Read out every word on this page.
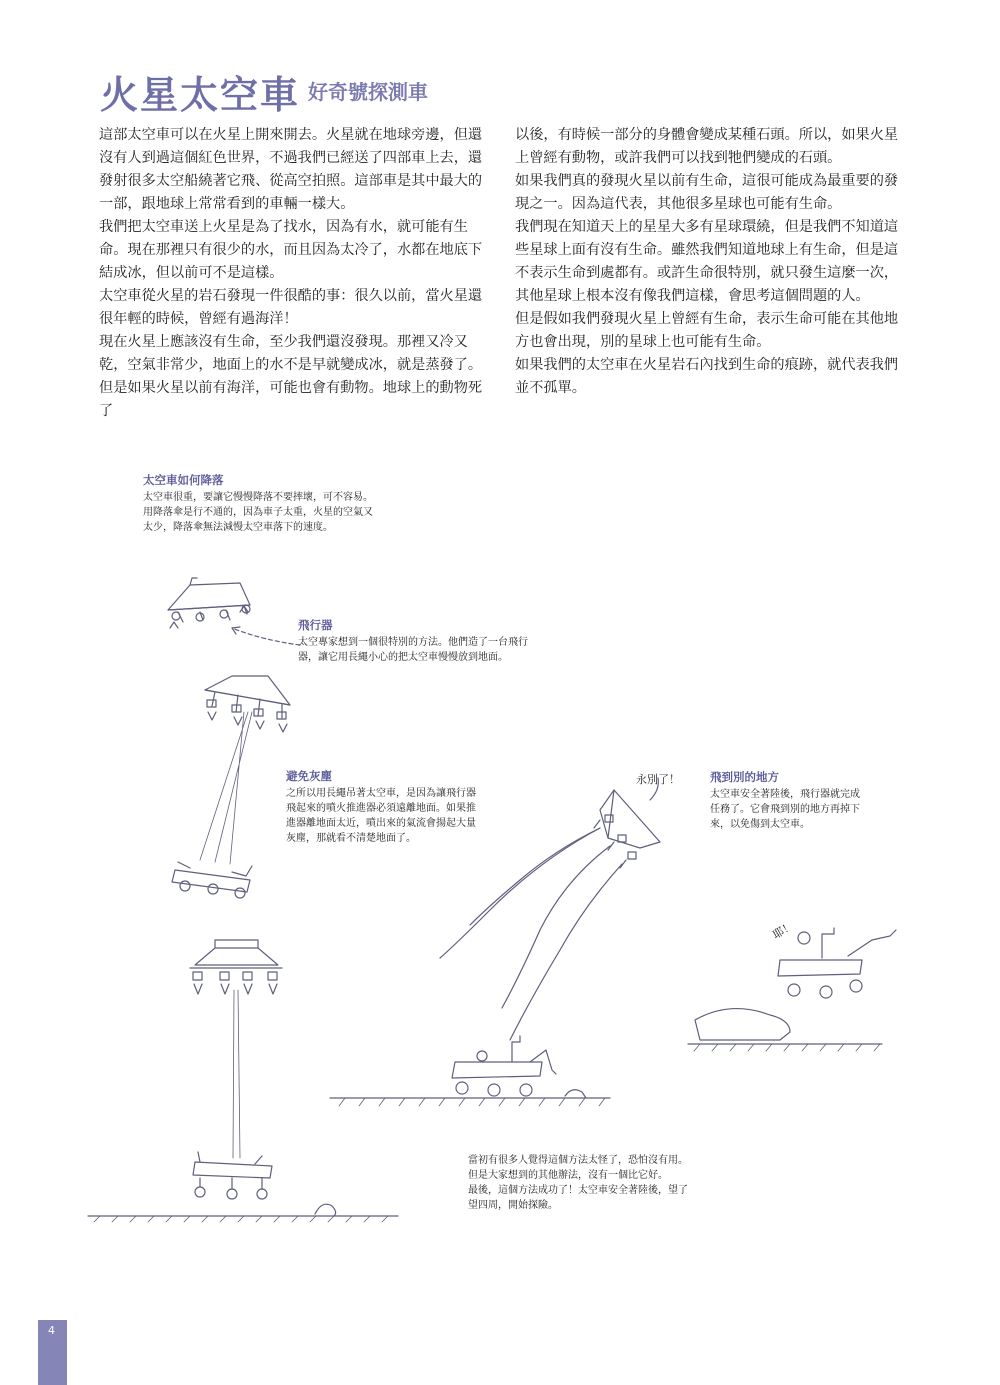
火星太空車 好奇號探測車

這部太空車可以在火星上開來開去。火星就在地球旁邊，但還沒有人到過這個紅色世界，不過我們已經送了四部車上去，還發射很多太空船繞著它飛、從高空拍照。這部車是其中最大的一部，跟地球上常常看到的車輛一樣大。

我們把太空車送上火星是為了找水，因為有水，就可能有生命。現在那裡只有很少的水，而且因為太冷了，水都在地底下結成冰，但以前可不是這樣。

太空車從火星的岩石發現一件很酷的事：很久以前，當火星還很年輕的時候，曾經有過海洋！

現在火星上應該沒有生命，至少我們還沒發現。那裡又冷又乾，空氣非常少，地面上的水不是早就變成冰，就是蒸發了。

但是如果火星以前有海洋，可能也會有動物。地球上的動物死了

以後，有時候一部分的身體會變成某種石頭。所以，如果火星上曾經有動物，或許我們可以找到牠們變成的石頭。

如果我們真的發現火星以前有生命，這很可能成為最重要的發現之一。因為這代表，其他很多星球也可能有生命。

我們現在知道天上的星星大多有星球環繞，但是我們不知道這些星球上面有沒有生命。雖然我們知道地球上有生命，但是這不表示生命到處都有。或許生命很特別，就只發生這麼一次，其他星球上根本沒有像我們這樣，會思考這個問題的人。

但是假如我們發現火星上曾經有生命，表示生命可能在其他地方也會出現，別的星球上也可能有生命。

如果我們的太空車在火星岩石內找到生命的痕跡，就代表我們並不孤單。

太空車如何降落

太空車很重，要讓它慢慢降落不要摔壞，可不容易。

用降落傘是行不通的，因為車子太重，火星的空氣又

太少，降落傘無法減慢太空車落下的速度。

飛行器

太空專家想到一個很特別的方法。他們造了一台飛行

器，讓它用長繩小心的把太空車慢慢放到地面。

避免灰塵

之所以用長繩吊著太空車，是因為讓飛行器

飛起來的噴火推進器必須遠離地面。如果推

進器離地面太近，噴出來的氣流會揚起大量

灰塵，那就看不清楚地面了。

飛到別的地方

太空車安全著陸後，飛行器就完成

任務了。它會飛到別的地方再掉下

來，以免傷到太空車。

當初有很多人覺得這個方法太怪了，恐怕沒有用。

但是大家想到的其他辦法，沒有一個比它好。

最後，這個方法成功了！太空車安全著陸後，望了

望四周，開始探險。

永別了！
耶！
4
